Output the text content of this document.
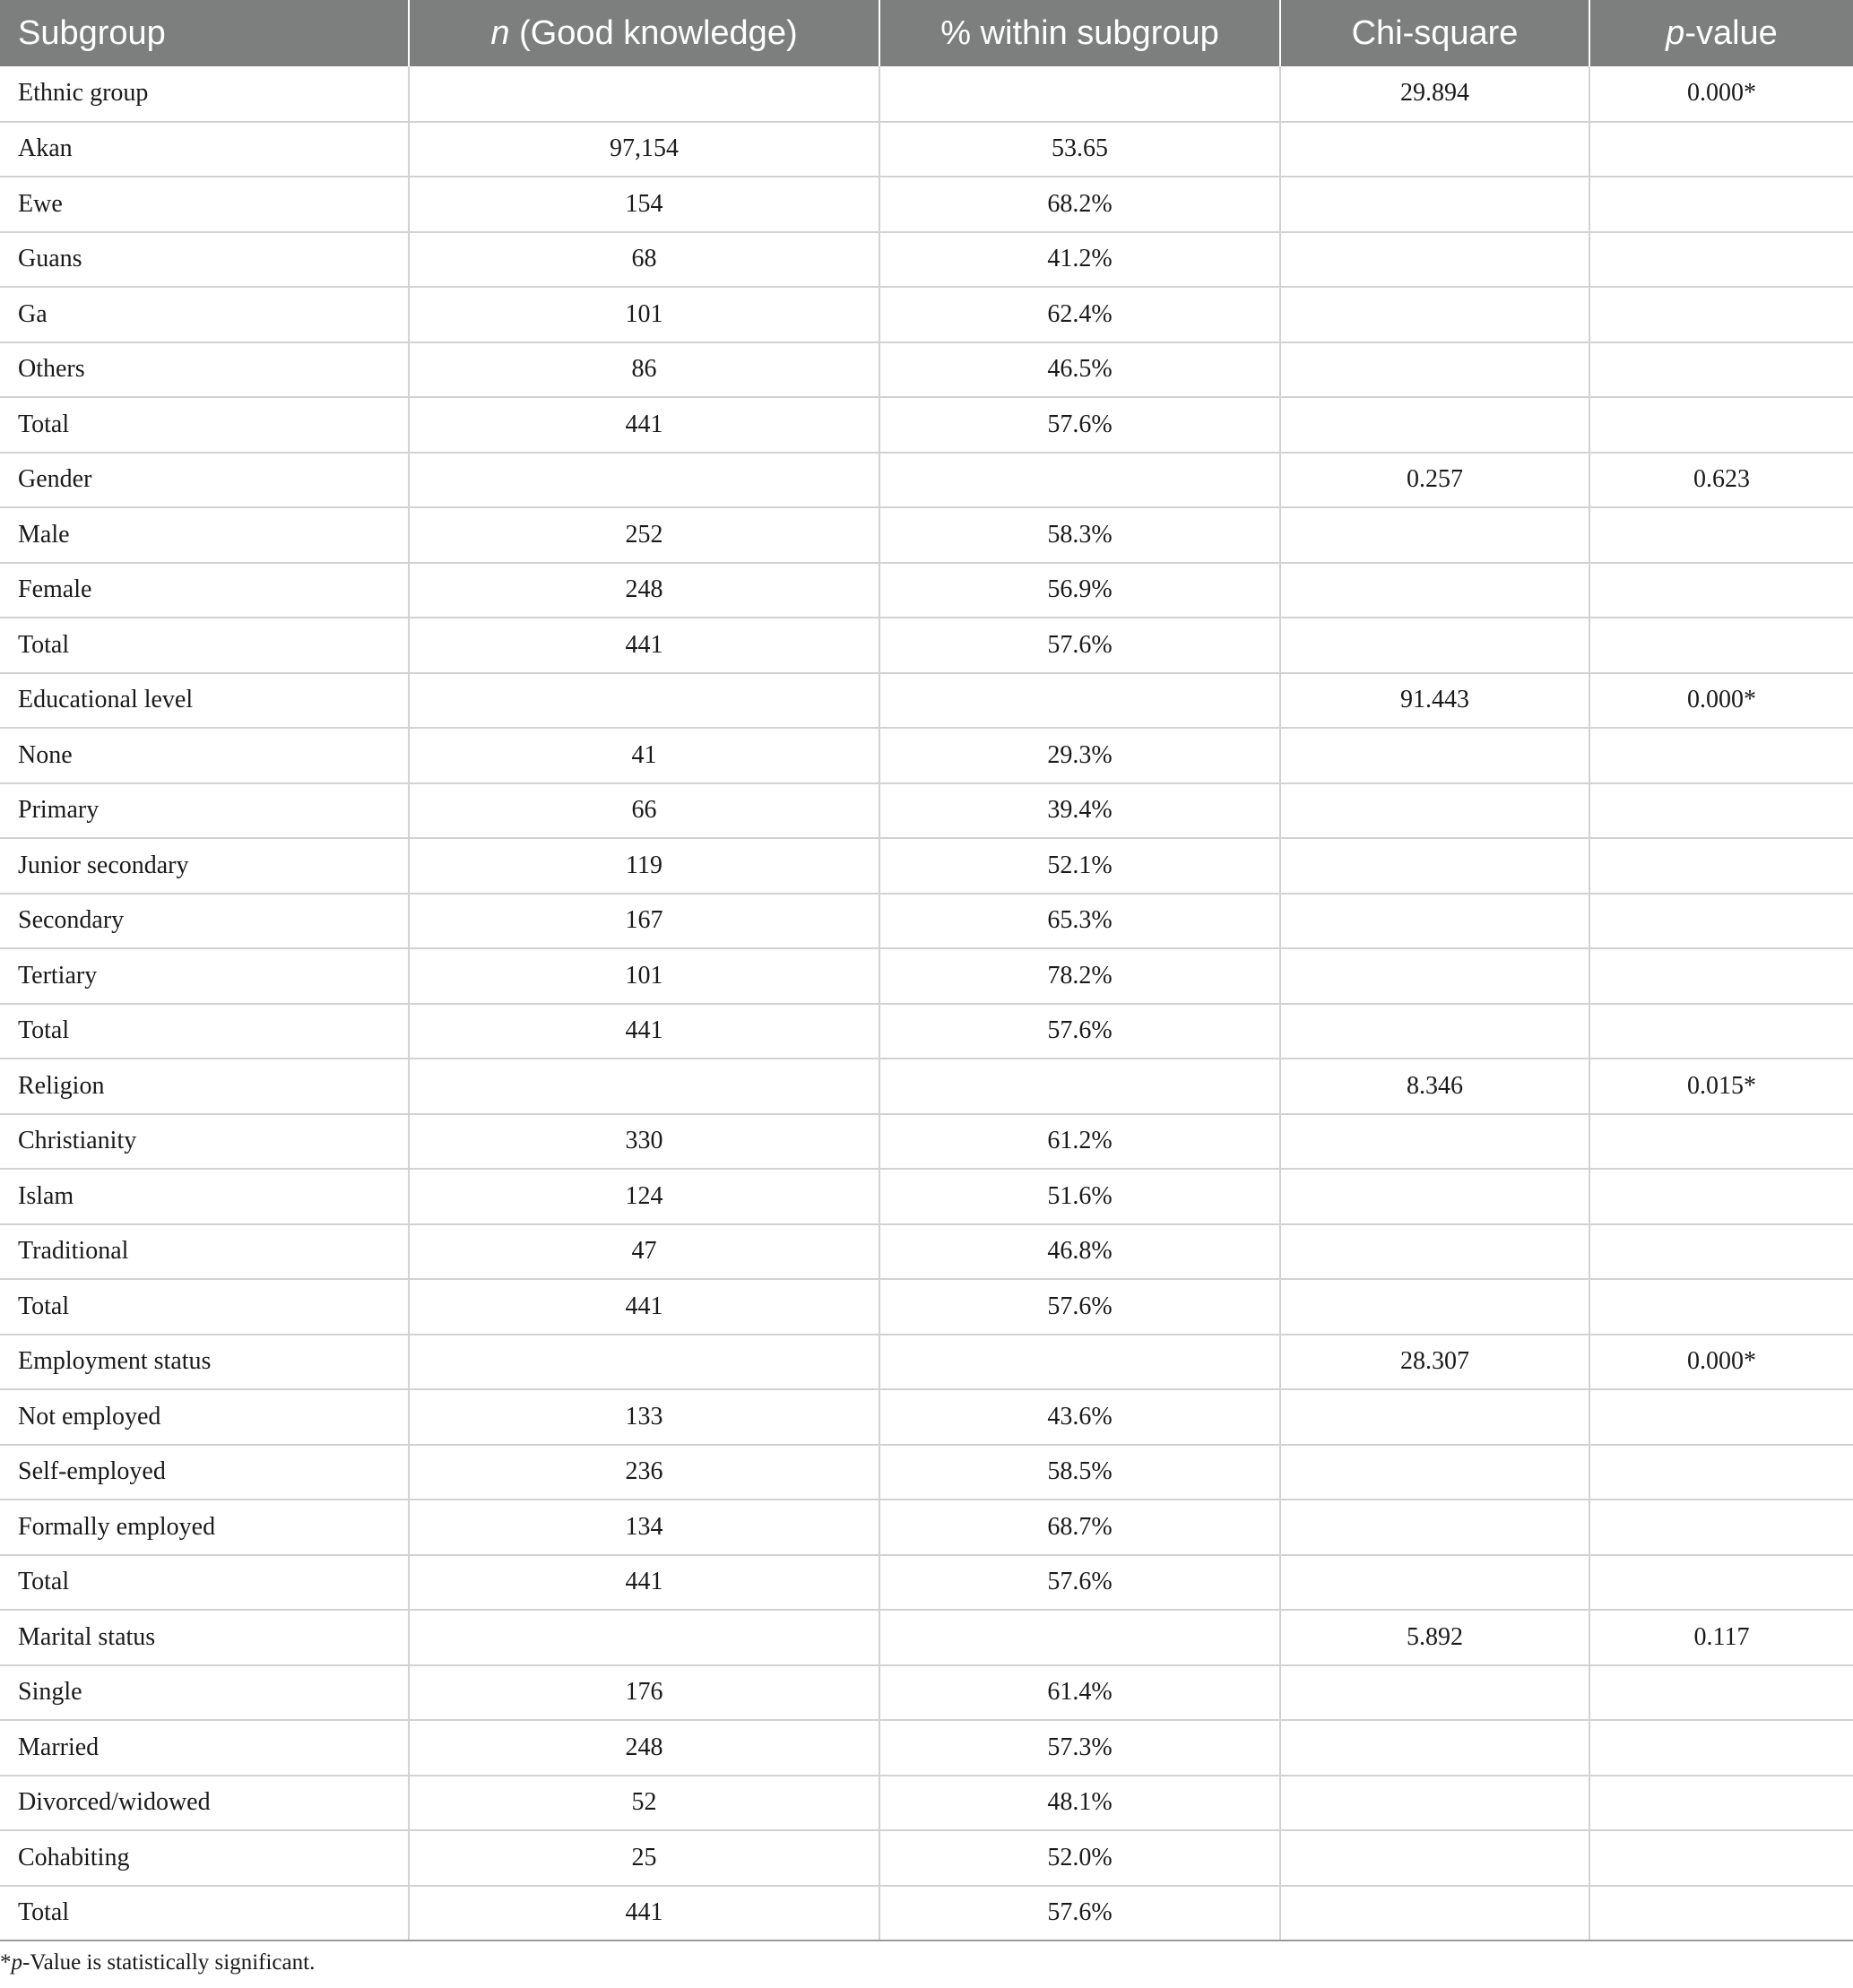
Subgroup	n (Good knowledge)	% within subgroup	Chi-square	p-value
Ethnic group			29.894	0.000*
Akan	97,154	53.65		
Ewe	154	68.2%		
Guans	68	41.2%		
Ga	101	62.4%		
Others	86	46.5%		
Total	441	57.6%		
Gender			0.257	0.623
Male	252	58.3%		
Female	248	56.9%		
Total	441	57.6%		
Educational level			91.443	0.000*
None	41	29.3%		
Primary	66	39.4%		
Junior secondary	119	52.1%		
Secondary	167	65.3%		
Tertiary	101	78.2%		
Total	441	57.6%		
Religion			8.346	0.015*
Christianity	330	61.2%		
Islam	124	51.6%		
Traditional	47	46.8%		
Total	441	57.6%		
Employment status			28.307	0.000*
Not employed	133	43.6%		
Self-employed	236	58.5%		
Formally employed	134	68.7%		
Total	441	57.6%		
Marital status			5.892	0.117
Single	176	61.4%		
Married	248	57.3%		
Divorced/widowed	52	48.1%		
Cohabiting	25	52.0%		
Total	441	57.6%		
*p-Value is statistically significant.
